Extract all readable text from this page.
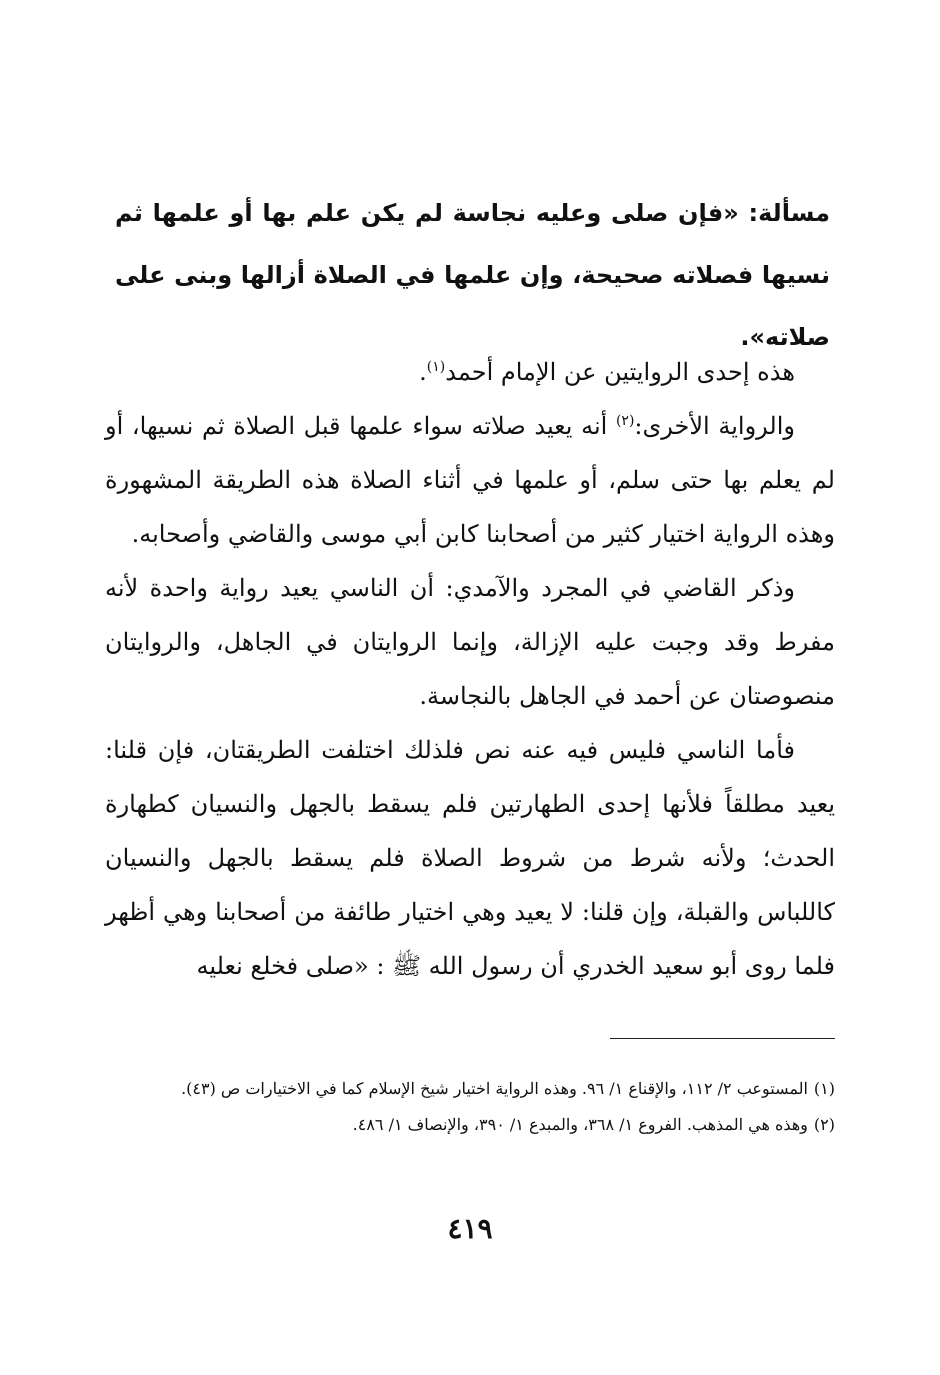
مسألة: «فإن صلى وعليه نجاسة لم يكن علم بها أو علمها ثم نسيها فصلاته صحيحة، وإن علمها في الصلاة أزالها وبنى على صلاته».

هذه إحدى الروايتين عن الإمام أحمد$^{(١)}$.

والرواية الأخرى:$^{(٢)}$ أنه يعيد صلاته سواء علمها قبل الصلاة ثم نسيها، أو لم يعلم بها حتى سلم، أو علمها في أثناء الصلاة هذه الطريقة المشهورة وهذه الرواية اختيار كثير من أصحابنا كابن أبي موسى والقاضي وأصحابه.

وذكر القاضي في المجرد والآمدي: أن الناسي يعيد رواية واحدة لأنه مفرط وقد وجبت عليه الإزالة، وإنما الروايتان في الجاهل، والروايتان منصوصتان عن أحمد في الجاهل بالنجاسة.

فأما الناسي فليس فيه عنه نص فلذلك اختلفت الطريقتان، فإن قلنا: يعيد مطلقاً فلأنها إحدى الطهارتين فلم يسقط بالجهل والنسيان كطهارة الحدث؛ ولأنه شرط من شروط الصلاة فلم يسقط بالجهل والنسيان كاللباس والقبلة، وإن قلنا: لا يعيد وهي اختيار طائفة من أصحابنا وهي أظهر فلما روى أبو سعيد الخدري أن رسول الله ﷺ : «صلى فخلع نعليه

(١)المستوعب ٢/ ١١٢، والإقناع ١/ ٩٦. وهذه الرواية اختيار شيخ الإسلام كما في الاختيارات ص (٤٣).

(٢)وهذه هي المذهب. الفروع ١/ ٣٦٨، والمبدع ١/ ٣٩٠، والإنصاف ١/ ٤٨٦.

٤١٩
